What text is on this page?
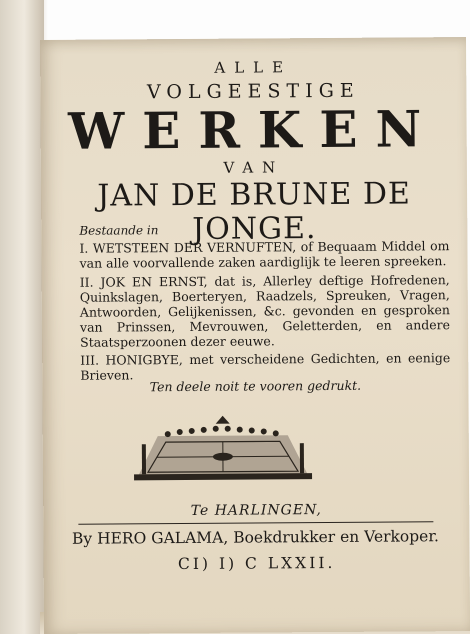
ALLE
VOLGEESTIGE
WERKEN
VAN
JAN DE BRUNE DE JONGE.
Bestaande in
I. WETSTEEN DER VERNUFTEN, of Bequaam Middel om van alle voorvallende zaken aardiglijk te leeren spreeken.
II. JOK EN ERNST, dat is, Allerley deftige Hofredenen, Quinkslagen, Boerteryen, Raadzels, Spreuken, Vragen, Antwoorden, Gelijkenissen, &c. gevonden en gesproken van Prinssen, Mevrouwen, Geletterden, en andere Staatsperzoonen dezer eeuwe.
III. HONIGBYE, met verscheidene Gedichten, en eenige Brieven.
Ten deele noit te vooren gedrukt.
Te HARLINGEN,
By HERO GALAMA, Boekdrukker en Verkoper.
CI) I) C LXXII.
